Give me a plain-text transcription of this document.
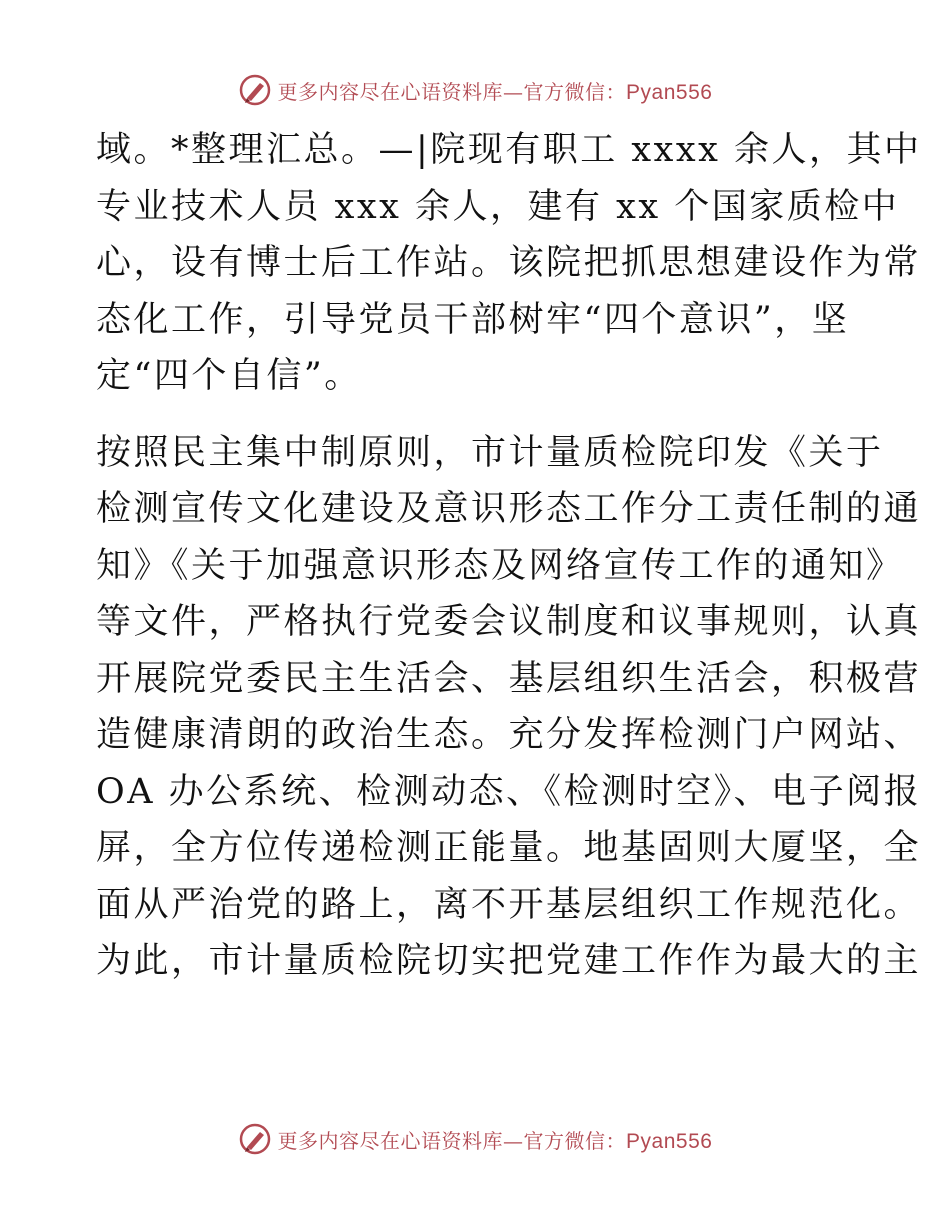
更多内容尽在心语资料库—官方微信：Pyan556
域。*整理汇总。—|院现有职工 xxxx 余人，其中
专业技术人员 xxx 余人，建有 xx 个国家质检中
心，设有博士后工作站。该院把抓思想建设作为常
态化工作，引导党员干部树牢“四个意识”，坚
定“四个自信”。
按照民主集中制原则，市计量质检院印发《关于
检测宣传文化建设及意识形态工作分工责任制的通
知》《关于加强意识形态及网络宣传工作的通知》
等文件，严格执行党委会议制度和议事规则，认真
开展院党委民主生活会、基层组织生活会，积极营
造健康清朗的政治生态。充分发挥检测门户网站、
OA 办公系统、检测动态、《检测时空》、电子阅报
屏，全方位传递检测正能量。地基固则大厦坚，全
面从严治党的路上，离不开基层组织工作规范化。
为此，市计量质检院切实把党建工作作为最大的主
更多内容尽在心语资料库—官方微信：Pyan556
